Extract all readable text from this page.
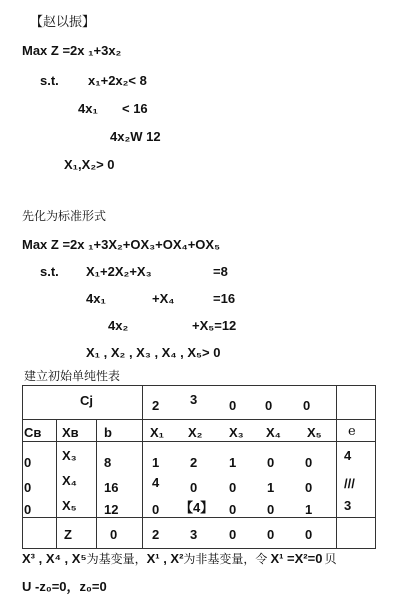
【赵以振】
Max Z =2x ₁+3x₂
s.t. x₁+2x₂< 8
4x₁ < 16
4x₂W 12
X₁,X₂> 0
先化为标准形式
Max Z =2x ₁+3X₂+OX₃+OX₄+OX₅
s.t. X₁+2X₂+X₃	=8
4x₁	+X₄	=16
4x₂	+X₅=12
X₁ , X₂ , X₃ , X₄ , X₅> 0
建立初始单纯性表
Cj	2 3 0 0 0
Cʙ Xʙ b	X₁ X₂ X₃ X₄ X₅ e
0 X₃ 8	1 2 1 0 0 4
0 X₄ 16	4 0 0 1 0 ///
0 X₅ 12	0 【4】 0 0 1 3
Z	0	2 3 0 0 0
X³ , X⁴ , X⁵为基变量，X¹ , X²为非基变量，令 X¹ =X²=0 贝
U -z₀=0，z₀=0
